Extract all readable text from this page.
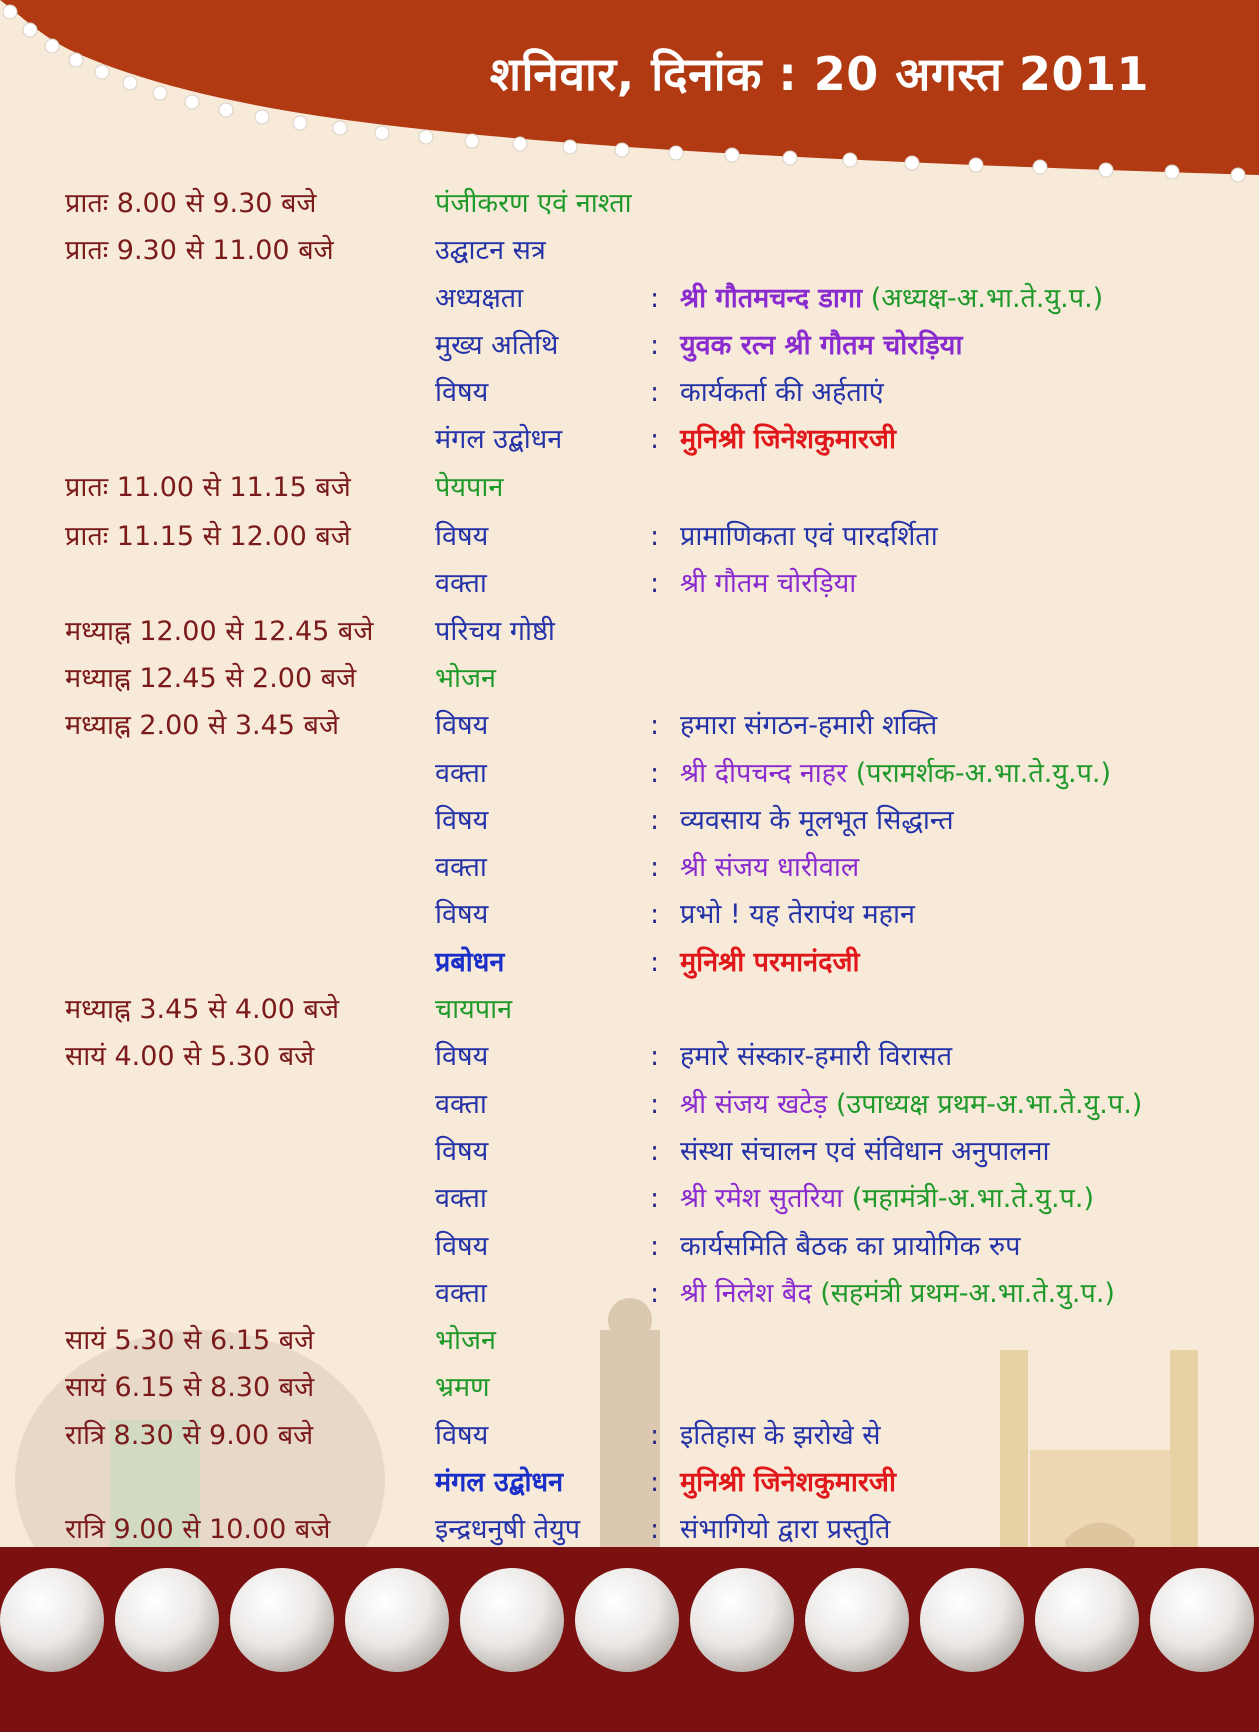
शनिवार, दिनांक : 20 अगस्त 2011
प्रातः 8.00 से 9.30 बजे	पंजीकरण एवं नाश्ता
प्रातः 9.30 से 11.00 बजे	उद्घाटन सत्र
अध्यक्षता	: श्री गौतमचन्द डागा (अध्यक्ष-अ.भा.ते.यु.प.)
मुख्य अतिथि	: युवक रत्न श्री गौतम चोरड़िया
विषय	: कार्यकर्ता की अर्हताएं
मंगल उद्बोधन	: मुनिश्री जिनेशकुमारजी
प्रातः 11.00 से 11.15 बजे	पेयपान
प्रातः 11.15 से 12.00 बजे	विषय	: प्रामाणिकता एवं पारदर्शिता
वक्ता	: श्री गौतम चोरड़िया
मध्याह्न 12.00 से 12.45 बजे परिचय गोष्ठी
मध्याह्न 12.45 से 2.00 बजे	भोजन
मध्याह्न 2.00 से 3.45 बजे	विषय	: हमारा संगठन-हमारी शक्ति
वक्ता	: श्री दीपचन्द नाहर (परामर्शक-अ.भा.ते.यु.प.)
विषय	: व्यवसाय के मूलभूत सिद्धान्त
वक्ता	: श्री संजय धारीवाल
विषय	: प्रभो ! यह तेरापंथ महान
प्रबोधन	: मुनिश्री परमानंदजी
मध्याह्न 3.45 से 4.00 बजे	चायपान
सायं 4.00 से 5.30 बजे	विषय	: हमारे संस्कार-हमारी विरासत
वक्ता	: श्री संजय खटेड़ (उपाध्यक्ष प्रथम-अ.भा.ते.यु.प.)
विषय	: संस्था संचालन एवं संविधान अनुपालना
वक्ता	: श्री रमेश सुतरिया (महामंत्री-अ.भा.ते.यु.प.)
विषय	: कार्यसमिति बैठक का प्रायोगिक रुप
वक्ता	: श्री निलेश बैद (सहमंत्री प्रथम-अ.भा.ते.यु.प.)
सायं 5.30 से 6.15 बजे	भोजन
सायं 6.15 से 8.30 बजे	भ्रमण
रात्रि 8.30 से 9.00 बजे	विषय	: इतिहास के झरोखे से
मंगल उद्बोधन	: मुनिश्री जिनेशकुमारजी
रात्रि 9.00 से 10.00 बजे	इन्द्रधनुषी तेयुप	: संभागियो द्वारा प्रस्तुति
